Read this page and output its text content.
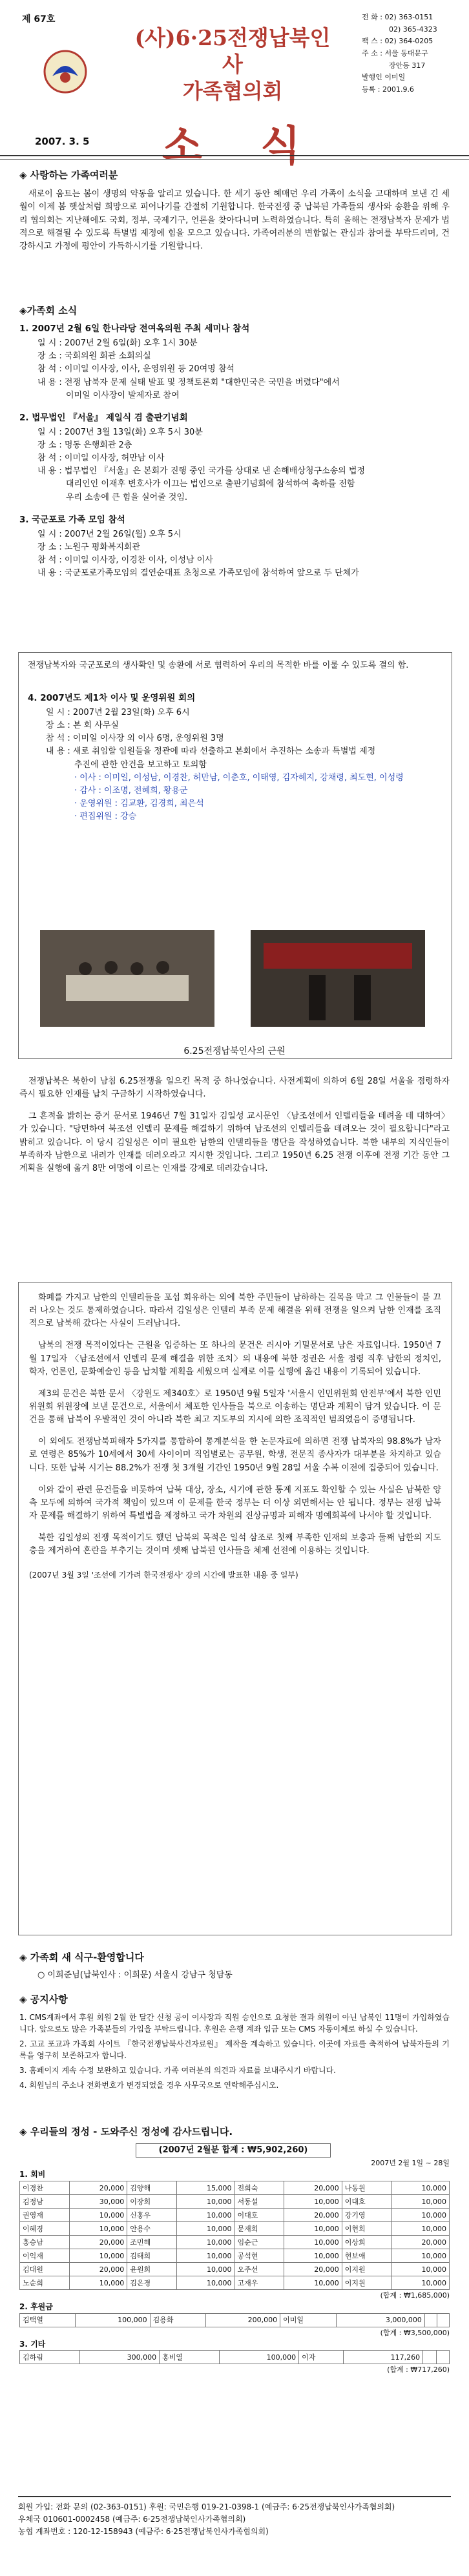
제 67호
2007. 3. 5
(사)6·25전쟁납북인사
가족협의회
소 식
전 화 : 02) 363-0151
02) 365-4323
팩 스 : 02) 364-0205
주 소 : 서울 동대문구
장안동 317
발행인 이미일
등록 : 2001.9.6
◈ 사랑하는 가족여러분

새로이 움트는 봄이 생명의 약동을 알리고 있습니다. 한 세기 동안 헤매던 우리 가족이 소식을 고대하며 보낸 긴 세월이 이제 봄 햇살처럼 희망으로 피어나기를 간절히 기원합니다. 한국전쟁 중 납북된 가족들의 생사와 송환을 위해 우리 협의회는 지난해에도 국회, 정부, 국제기구, 언론을 찾아다니며 노력하였습니다. 특히 올해는 전쟁납북자 문제가 법적으로 해결될 수 있도록 특별법 제정에 힘을 모으고 있습니다. 가족여러분의 변함없는 관심과 참여를 부탁드리며, 건강하시고 가정에 평안이 가득하시기를 기원합니다.

◈가족회 소식
1. 2007년 2월 6일 한나라당 전여옥의원 주최 세미나 참석
일 시 : 2007년 2월 6일(화) 오후 1시 30분
장 소 : 국회의원 회관 소회의실
참 석 : 이미일 이사장, 이사, 운영위원 등 20여명 참석
내 용 : 전쟁 납북자 문제 실태 발표 및 정책토론회 "대한민국은 국민을 버렸다"에서
이미일 이사장이 발제자로 참여
2. 법무법인 『서울』 제일식 겸 출판기념회
일 시 : 2007년 3월 13일(화) 오후 5시 30분
장 소 : 명동 은행회관 2층
참 석 : 이미일 이사장, 허만남 이사
내 용 : 법무법인 『서울』은 본회가 진행 중인 국가를 상대로 낸 손해배상청구소송의 법정
대리인인 이재후 변호사가 이끄는 법인으로 출판기념회에 참석하여 축하를 전함
우리 소송에 큰 힘을 실어줄 것임.
3. 국군포로 가족 모임 참석
일 시 : 2007년 2월 26일(월) 오후 5시
장 소 : 노원구 평화복지회관
참 석 : 이미일 이사장, 이경찬 이사, 이성남 이사
내 용 : 국군포로가족모임의 결연순대표 초청으로 가족모임에 참석하여 앞으로 두 단체가

전쟁납북자와 국군포로의 생사확인 및 송환에 서로 협력하여 우리의 목적한 바를 이룰 수 있도록 결의 함.

4. 2007년도 제1차 이사 및 운영위원 회의
일 시 : 2007년 2월 23일(화) 오후 6시
장 소 : 본 회 사무실
참 석 : 이미일 이사장 외 이사 6명, 운영위원 3명
내 용 : 새로 취임할 임원들을 정관에 따라 선출하고 본회에서 추진하는 소송과 특별법 제정
추진에 관한 안건을 보고하고 토의함
· 이사 : 이미일, 이성남, 이경찬, 허만남, 이춘호, 이태영, 김자헤지, 강채령, 최도현, 이성령
· 감사 : 이조명, 전혜희, 황용군
· 운영위원 : 김교환, 김경희, 최은석
· 편집위원 : 강승
6.25전쟁납북인사의 근원

전쟁납북은 북한이 남침 6.25전쟁을 일으킨 목적 중 하나였습니다. 사전계획에 의하여 6월 28일 서울을 점령하자 즉시 필요한 인재를 납치 구금하기 시작하였습니다.

그 흔적을 밝히는 증거 문서로 1946년 7월 31일자 김일성 교시문인 〈남조선에서 인텔리들을 데려올 데 대하여〉가 있습니다. "당면하여 북조선 인텔리 문제를 해결하기 위하여 남조선의 인텔리들을 데려오는 것이 필요합니다"라고 밝히고 있습니다. 이 당시 김일성은 이미 필요한 남한의 인텔리들을 명단을 작성하였습니다. 북한 내부의 지식인들이 부족하자 남한으로 내려가 인재를 데려오라고 지시한 것입니다. 그리고 1950년 6.25 전쟁 이후에 전쟁 기간 동안 그 계획을 실행에 옮겨 8만 여명에 이르는 인재를 강제로 데려갔습니다.

화폐를 가지고 남한의 인텔리들을 포섭 회유하는 외에 북한 주민들이 남하하는 길목을 막고 그 인물들이 불 끄러 나오는 것도 통제하였습니다. 따라서 김일성은 인텔리 부족 문제 해결을 위해 전쟁을 일으켜 남한 인재를 조직적으로 납북해 갔다는 사실이 드러납니다.

납북의 전쟁 목적이었다는 근원을 입증하는 또 하나의 문건은 러시아 기밀문서로 남은 자료입니다. 1950년 7월 17일자 〈남조선에서 인텔리 문제 해결을 위한 조치〉의 내용에 북한 정권은 서울 점령 직후 남한의 정치인, 학자, 언론인, 문화예술인 등을 납치할 계획을 세웠으며 실제로 이를 실행에 옮긴 내용이 기록되어 있습니다.

제3의 문건은 북한 문서 〈강원도 제340호〉로 1950년 9월 5일자 '서울시 인민위원회 안전부'에서 북한 인민위원회 위원장에 보낸 문건으로, 서울에서 체포한 인사들을 북으로 이송하는 명단과 계획이 담겨 있습니다. 이 문건을 통해 납북이 우발적인 것이 아니라 북한 최고 지도부의 지시에 의한 조직적인 범죄였음이 증명됩니다.

이 외에도 전쟁납북피해자 5가지를 통합하여 통계분석을 한 논문자료에 의하면 전쟁 납북자의 98.8%가 남자로 연령은 85%가 10세에서 30세 사이이며 직업별로는 공무원, 학생, 전문직 종사자가 대부분을 차지하고 있습니다. 또한 납북 시기는 88.2%가 전쟁 첫 3개월 기간인 1950년 9월 28일 서울 수복 이전에 집중되어 있습니다.

이와 같이 관련 문건들을 비롯하여 납북 대상, 장소, 시기에 관한 통계 지표도 확인할 수 있는 사실은 남북한 양측 모두에 의하여 국가적 책임이 있으며 이 문제를 한국 정부는 더 이상 외면해서는 안 됩니다. 정부는 전쟁 납북자 문제를 해결하기 위하여 특별법을 제정하고 국가 차원의 진상규명과 피해자 명예회복에 나서야 할 것입니다.

북한 김일성의 전쟁 목적이기도 했던 납북의 목적은 일석 삼조로 첫째 부족한 인재의 보충과 둘째 남한의 지도층을 제거하여 혼란을 부추기는 것이며 셋째 납북된 인사들을 체제 선전에 이용하는 것입니다.

(2007년 3월 3일 '조선에 기가려 한국전쟁사' 강의 시간에 발표한 내용 중 일부)
◈ 가족회 새 식구-환영합니다
○ 이희준님(납북인사 : 이희문) 서울시 강남구 청담동
◈ 공지사항

1. CMS계좌에서 후원 회원 2월 한 달간 신청 공이 이사장과 직원 승인으로 요청한 결과 회원이 아닌 납북인 11명이 가입하였습니다. 앞으로도 많은 가족분들의 가입을 부탁드립니다. 후원은 은행 계좌 입금 또는 CMS 자동이체로 하실 수 있습니다.

2. 고교 포교과 가족회 사이트 『한국전쟁납북사건자료원』 제작을 계속하고 있습니다. 이곳에 자료를 축적하여 납북자들의 기록을 영구히 보존하고자 합니다.

3. 홈페이지 계속 수정 보완하고 있습니다. 가족 여러분의 의견과 자료를 보내주시기 바랍니다.

4. 회원님의 주소나 전화번호가 변경되었을 경우 사무국으로 연락해주십시오.

◈ 우리들의 정성 - 도와주신 정성에 감사드립니다.
(2007년 2월분 합계 : ₩5,902,260)
2007년 2월 1일 ~ 28일
1. 회비
이경찬	20,000	김양해	15,000	전희숙	20,000	나동원	10,000
김정남	30,000	이장희	10,000	서동설	10,000	이대호	10,000
권영재	10,000	신홍우	10,000	이대호	20,000	강기영	10,000
이혜경	10,000	안용수	10,000	문재희	10,000	이현희	10,000
홍승남	20,000	조민혜	10,000	임순근	10,000	이상희	20,000
이익재	10,000	김태희	10,000	공석현	10,000	현보애	10,000
김대원	20,000	윤원희	10,000	오주선	20,000	이지원	10,000
노순희	10,000	김은경	10,000	고재우	10,000	이지원	10,000
(합계 : ₩1,685,000)
2. 후원금
김택열	100,000	김용화	200,000	이미일	3,000,000		
(합계 : ₩3,500,000)
3. 기타
김하림	300,000	홍비열	100,000	이자	117,260		
(합계 : ₩717,260)
회원 가입: 전화 문의 (02-363-0151) 후원: 국민은행 019-21-0398-1 (예금주: 6·25전쟁납북인사가족협의회)
우체국 010601-0002458 (예금주: 6·25전쟁납북인사가족협의회)
농협 계좌번호 : 120-12-158943 (예금주: 6·25전쟁납북인사가족협의회)
